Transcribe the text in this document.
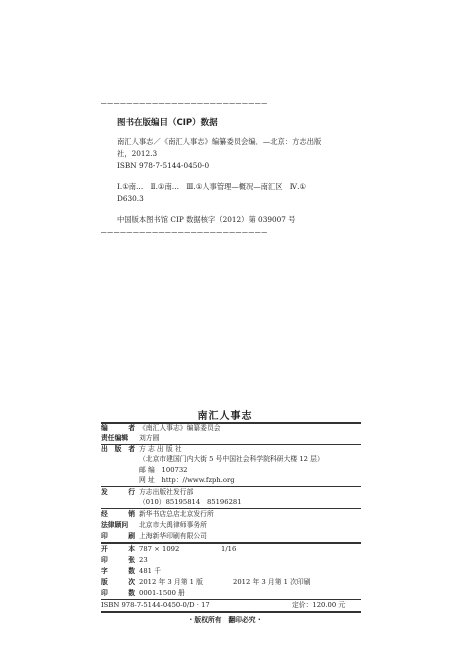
——————————————————————————
图书在版编目（CIP）数据
南汇人事志／《南汇人事志》编纂委员会编．—北京：方志出版
社，2012.3
ISBN 978-7-5144-0450-0
Ⅰ.①南…　Ⅱ.①南…　Ⅲ.①人事管理—概况—南汇区　Ⅳ.①
D630.3
中国版本图书馆 CIP 数据核字（2012）第 039007 号
——————————————————————————
南汇人事志
编	者 《南汇人事志》编纂委员会
责任编辑	刘方圆
出 版 者 方 志 出 版 社
（北京市建国门内大街 5 号中国社会科学院科研大楼 12 层）
邮 编　100732
网 址　http：//www.fzph.org
发	行 方志出版社发行部
（010）85195814　85196281
经	销 新华书店总店北京发行所
法律顾问	北京市大禹律师事务所
印	刷 上海新华印刷有限公司
开	本 787 × 1092	1/16
印	张 23
字	数 481 千
版	次 2012 年 3 月第 1 版	2012 年 3 月第 1 次印刷
印	数 0001-1500 册
ISBN 978-7-5144-0450-0/D · 17	定价：120.00 元
· 版权所有　翻印必究 ·
